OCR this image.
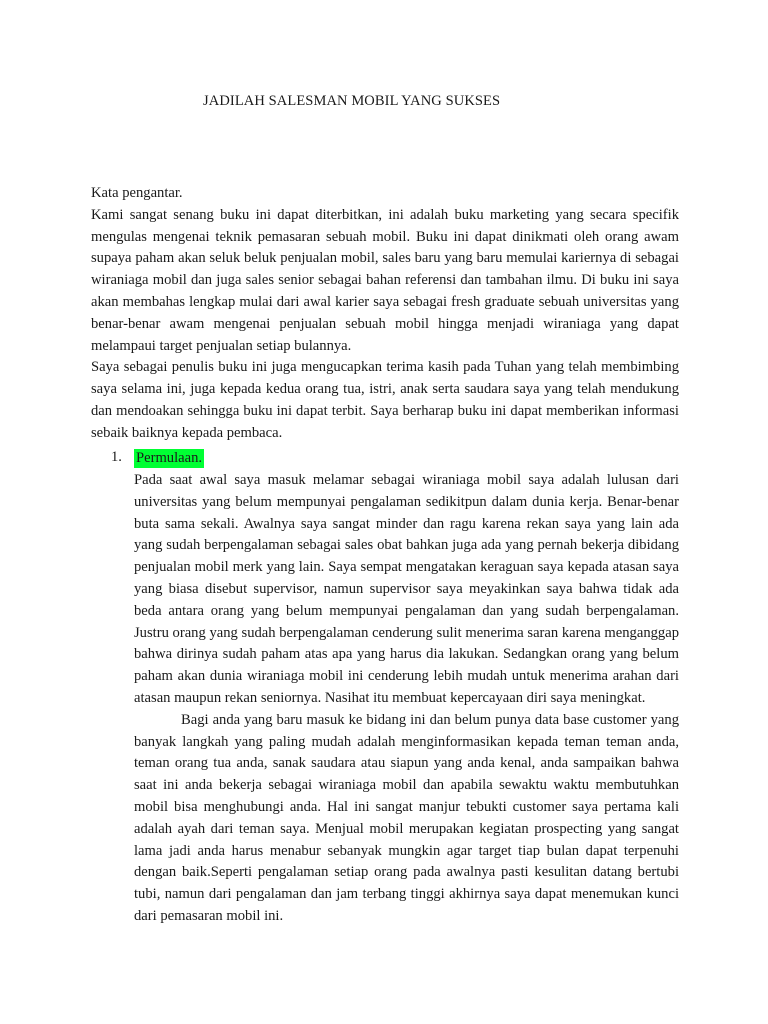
JADILAH SALESMAN MOBIL YANG SUKSES

Kata pengantar.

Kami sangat senang buku ini dapat diterbitkan, ini adalah buku marketing yang secara specifik mengulas mengenai teknik pemasaran sebuah mobil. Buku ini dapat dinikmati oleh orang awam supaya paham akan seluk beluk penjualan mobil, sales baru yang baru memulai kariernya di sebagai wiraniaga mobil dan juga sales senior sebagai bahan referensi dan tambahan ilmu. Di buku ini saya akan membahas lengkap mulai dari awal karier saya sebagai fresh graduate sebuah universitas yang benar-benar awam mengenai penjualan sebuah mobil hingga menjadi wiraniaga yang dapat melampaui target penjualan setiap bulannya.

Saya sebagai penulis buku ini juga mengucapkan terima kasih pada Tuhan yang telah membimbing saya selama ini, juga kepada kedua orang tua, istri, anak serta saudara saya yang telah mendukung dan mendoakan sehingga buku ini dapat terbit. Saya berharap buku ini dapat memberikan informasi sebaik baiknya kepada pembaca.

1. Permulaan.

Pada saat awal saya masuk melamar sebagai wiraniaga mobil saya adalah lulusan dari universitas yang belum mempunyai pengalaman sedikitpun dalam dunia kerja. Benar-benar buta sama sekali. Awalnya saya sangat minder dan ragu karena rekan saya yang lain ada yang sudah berpengalaman sebagai sales obat bahkan juga ada yang pernah bekerja dibidang penjualan mobil merk yang lain. Saya sempat mengatakan keraguan saya kepada atasan saya yang biasa disebut supervisor, namun supervisor saya meyakinkan saya bahwa tidak ada beda antara orang yang belum mempunyai pengalaman dan yang sudah berpengalaman. Justru orang yang sudah berpengalaman cenderung sulit menerima saran karena menganggap bahwa dirinya sudah paham atas apa yang harus dia lakukan. Sedangkan orang yang belum paham akan dunia wiraniaga mobil ini cenderung lebih mudah untuk menerima arahan dari atasan maupun rekan seniornya. Nasihat itu membuat kepercayaan diri saya meningkat.

Bagi anda yang baru masuk ke bidang ini dan belum punya data base customer yang banyak langkah yang paling mudah adalah menginformasikan kepada teman teman anda, teman orang tua anda, sanak saudara atau siapun yang anda kenal, anda sampaikan bahwa saat ini anda bekerja sebagai wiraniaga mobil dan apabila sewaktu waktu membutuhkan mobil bisa menghubungi anda. Hal ini sangat manjur tebukti customer saya pertama kali adalah ayah dari teman saya. Menjual mobil merupakan kegiatan prospecting yang sangat lama jadi anda harus menabur sebanyak mungkin agar target tiap bulan dapat terpenuhi dengan baik.Seperti pengalaman setiap orang pada awalnya pasti kesulitan datang bertubi tubi, namun dari pengalaman dan jam terbang tinggi akhirnya saya dapat menemukan kunci dari pemasaran mobil ini.
